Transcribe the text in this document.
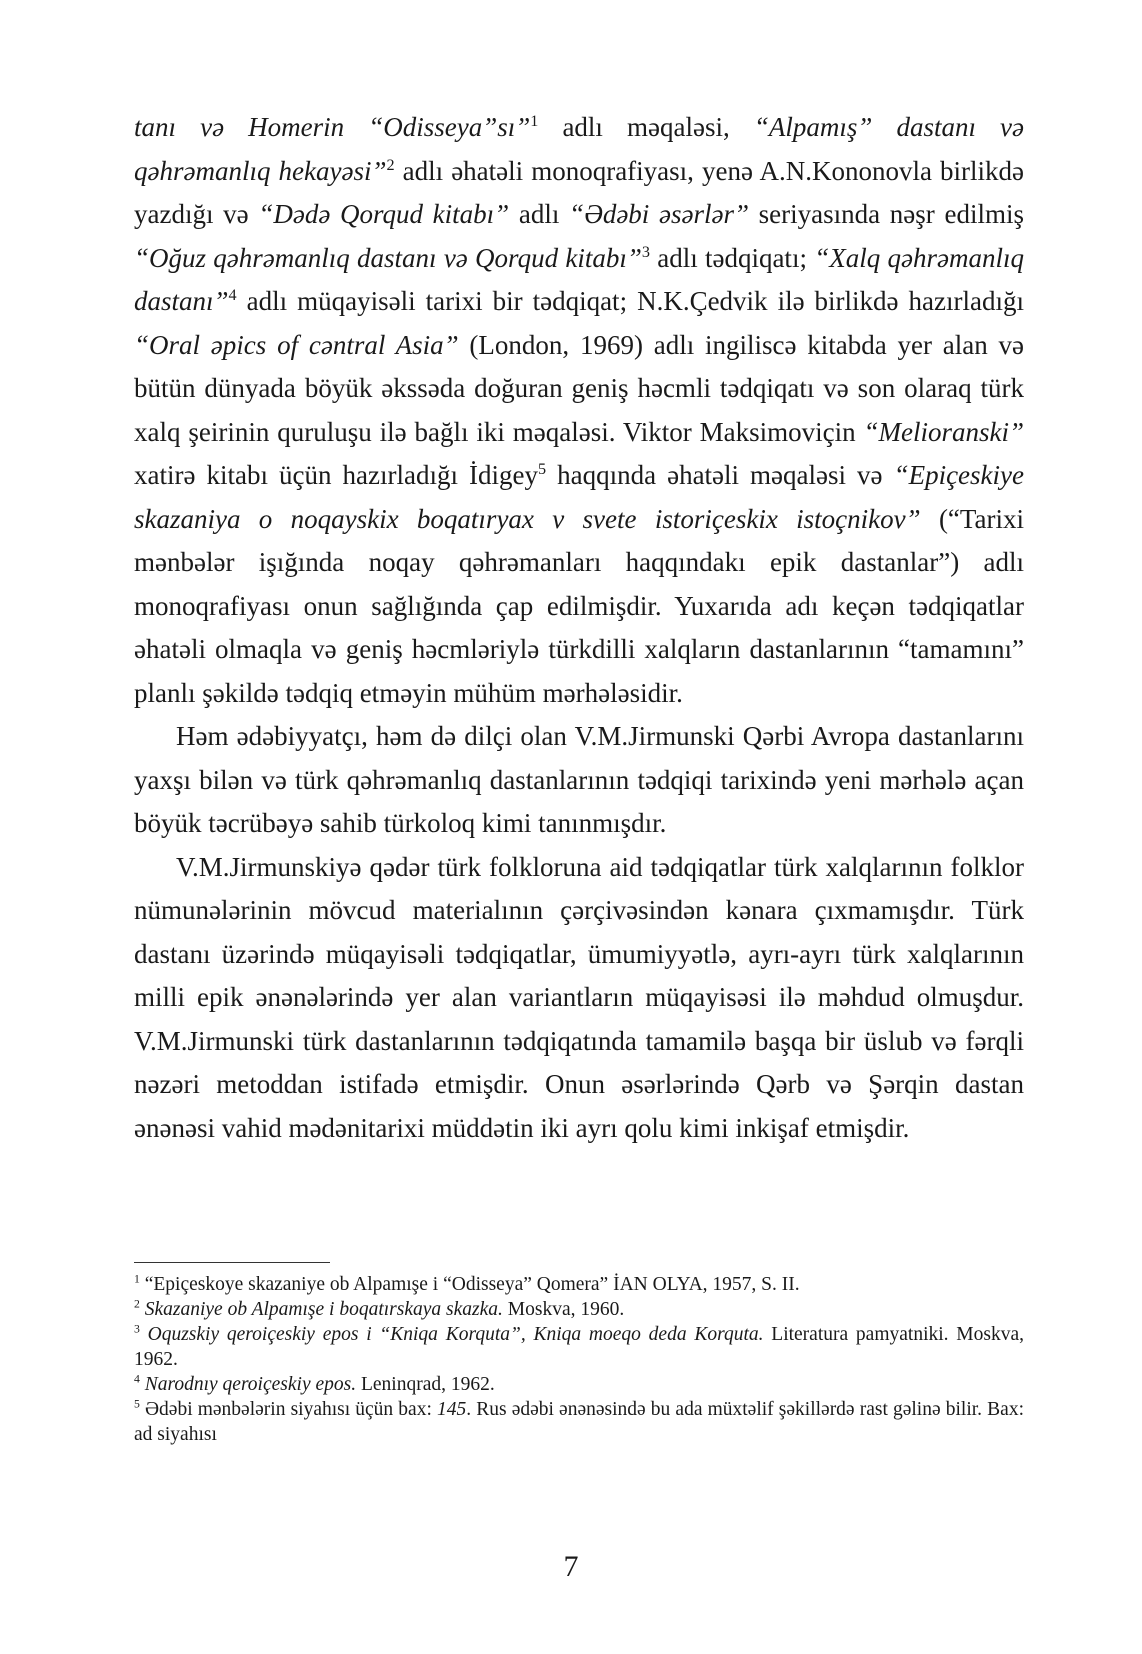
tanı və Homerin “Odisseya”sı”$^1$ adlı məqaləsi, “Alpamış” dastanı və qəhrəmanlıq hekayəsi”$^2$ adlı əhatəli monoqrafiyası, yenə A.N.Kononovla birlikdə yazdığı və “Dədə Qorqud kitabı” adlı “Ədəbi əsərlər” seriyasında nəşr edilmiş “Oğuz qəhrəmanlıq dastanı və Qorqud kitabı”$^3$ adlı tədqiqatı; “Xalq qəhrəmanlıq dastanı”$^4$ adlı müqayisəli tarixi bir tədqiqat; N.K.Çedvik ilə birlikdə hazırladığı “Oral əpics of cəntral Asia” (London, 1969) adlı ingiliscə kitabda yer alan və bütün dünyada böyük əkssəda doğuran geniş həcmli tədqiqatı və son olaraq türk xalq şeirinin quruluşu ilə bağlı iki məqaləsi. Viktor Maksimoviçin “Melioranski” xatirə kitabı üçün hazırladığı İdigey$^5$ haqqında əhatəli məqaləsi və “Epiçeskiye skazaniya o noqayskix boqatıryax v svete istoriçeskix istoçnikov” (“Tarixi mənbələr işığında noqay qəhrəmanları haqqındakı epik dastanlar”) adlı monoqrafiyası onun sağlığında çap edilmişdir. Yuxarıda adı keçən tədqiqatlar əhatəli olmaqla və geniş həcmləriylə türkdilli xalqların dastanlarının “tamamını” planlı şəkildə tədqiq etməyin mühüm mərhələsidir.

Həm ədəbiyyatçı, həm də dilçi olan V.M.Jirmunski Qərbi Avropa dastanlarını yaxşı bilən və türk qəhrəmanlıq dastanlarının tədqiqi tarixində yeni mərhələ açan böyük təcrübəyə sahib türkoloq kimi tanınmışdır.

V.M.Jirmunskiyə qədər türk folkloruna aid tədqiqatlar türk xalqlarının folklor nümunələrinin mövcud materialının çərçivəsindən kənara çıxmamışdır. Türk dastanı üzərində müqayisəli tədqiqatlar, ümumiyyətlə, ayrı-ayrı türk xalqlarının milli epik ənənələrində yer alan variantların müqayisəsi ilə məhdud olmuşdur. V.M.Jirmunski türk dastanlarının tədqiqatında tamamilə başqa bir üslub və fərqli nəzəri metoddan istifadə etmişdir. Onun əsərlərində Qərb və Şərqin dastan ənənəsi vahid mədənitarixi müddətin iki ayrı qolu kimi inkişaf etmişdir.

$^1$ “Epiçeskoye skazaniye ob Alpamışe i “Odisseya” Qomera” İAN OLYA, 1957, S. II.

$^2$ Skazaniye ob Alpamışe i boqatırskaya skazka. Moskva, 1960.

$^3$ Oquzskiy qeroiçeskiy epos i “Kniqa Korquta”, Kniqa moeqo deda Korquta. Literatura pamyatniki. Moskva, 1962.

$^4$ Narodnıy qeroiçeskiy epos. Leninqrad, 1962.

$^5$ Ədəbi mənbələrin siyahısı üçün bax: 145. Rus ədəbi ənənəsində bu ada müxtəlif şəkillərdə rast gəlinə bilir. Bax: ad siyahısı

7
